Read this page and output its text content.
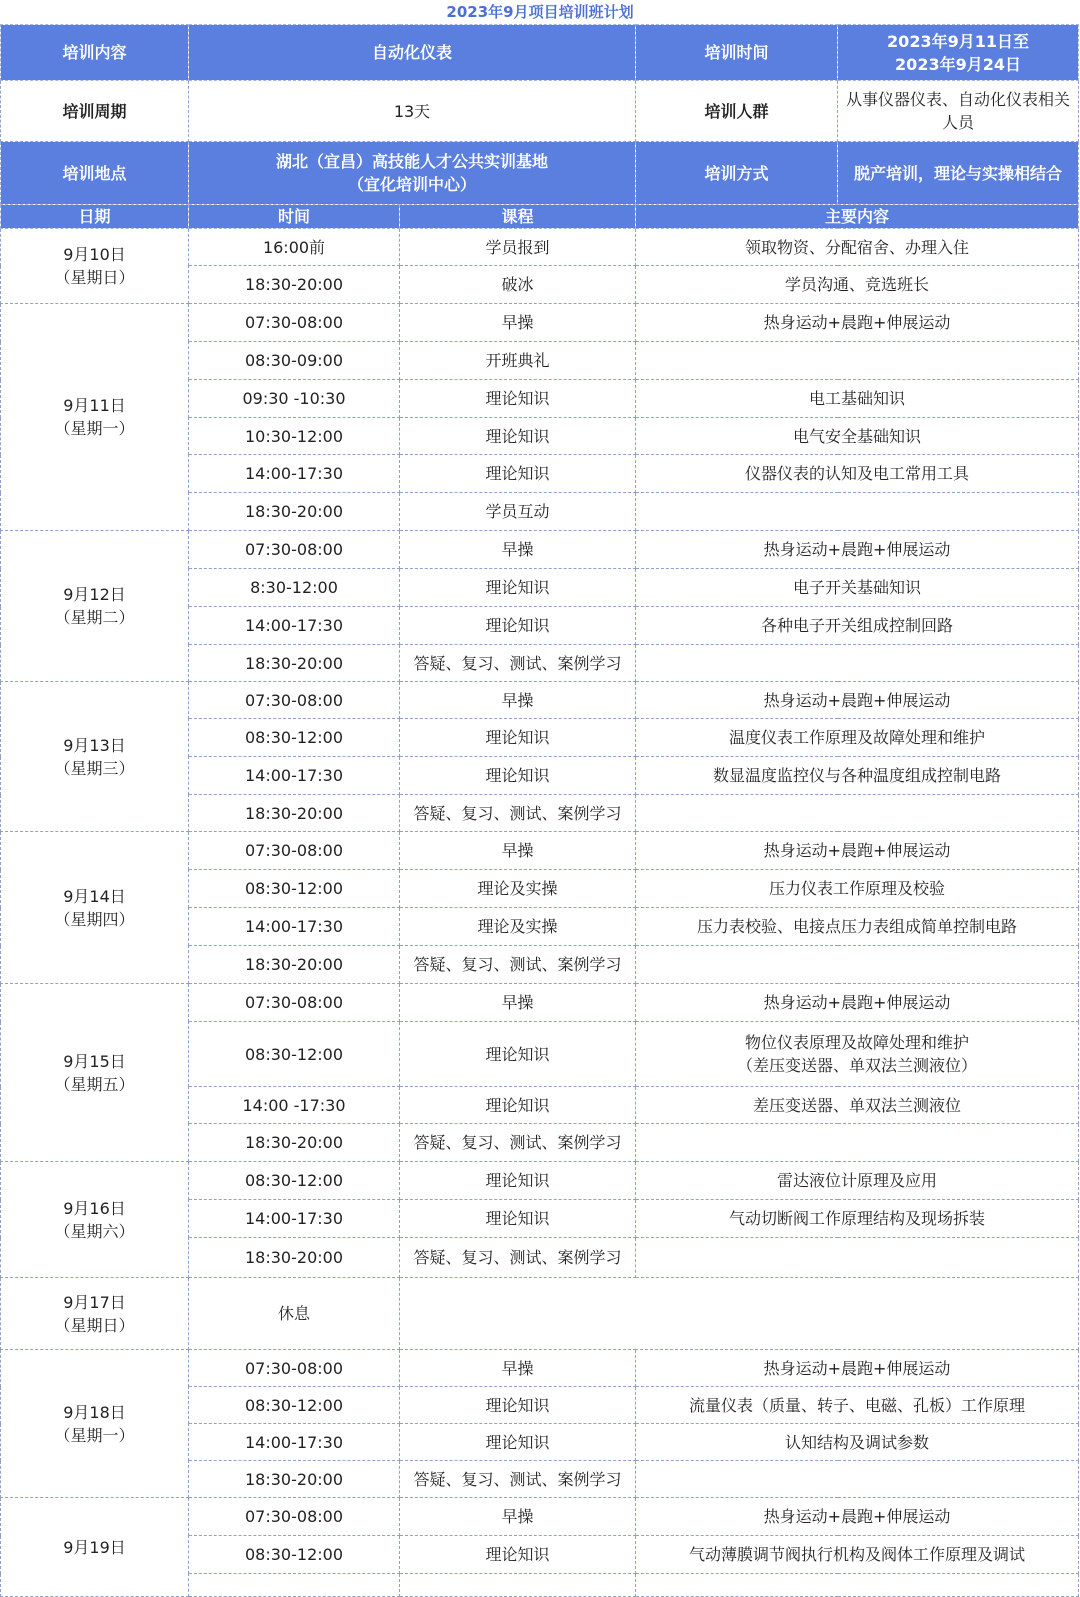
2023年9月项目培训班计划
培训内容	自动化仪表		培训时间	2023年9月11日至
2023年9月24日
培训周期	13天		培训人群	从事仪器仪表、自动化仪表相关人员
培训地点	湖北（宜昌）高技能人才公共实训基地
（宜化培训中心）		培训方式	脱产培训，理论与实操相结合
日期	时间	课程	主要内容	
9月10日
（星期日）	16:00前	学员报到	领取物资、分配宿舍、办理入住	
	18:30-20:00	破冰	学员沟通、竞选班长	
9月11日
（星期一）	07:30-08:00	早操	热身运动+晨跑+伸展运动	
	08:30-09:00	开班典礼		
	09:30 -10:30	理论知识	电工基础知识	
	10:30-12:00	理论知识	电气安全基础知识	
	14:00-17:30	理论知识	仪器仪表的认知及电工常用工具	
	18:30-20:00	学员互动		
9月12日
（星期二）	07:30-08:00	早操	热身运动+晨跑+伸展运动	
	8:30-12:00	理论知识	电子开关基础知识	
	14:00-17:30	理论知识	各种电子开关组成控制回路	
	18:30-20:00	答疑、复习、测试、案例学习		
9月13日
（星期三）	07:30-08:00	早操	热身运动+晨跑+伸展运动	
	08:30-12:00	理论知识	温度仪表工作原理及故障处理和维护	
	14:00-17:30	理论知识	数显温度监控仪与各种温度组成控制电路	
	18:30-20:00	答疑、复习、测试、案例学习		
9月14日
（星期四）	07:30-08:00	早操	热身运动+晨跑+伸展运动	
	08:30-12:00	理论及实操	压力仪表工作原理及校验	
	14:00-17:30	理论及实操	压力表校验、电接点压力表组成简单控制电路	
	18:30-20:00	答疑、复习、测试、案例学习		
9月15日
（星期五）	07:30-08:00	早操	热身运动+晨跑+伸展运动	
	08:30-12:00	理论知识	物位仪表原理及故障处理和维护
（差压变送器、单双法兰测液位）	
	14:00 -17:30	理论知识	差压变送器、单双法兰测液位	
	18:30-20:00	答疑、复习、测试、案例学习		
9月16日
（星期六）	08:30-12:00	理论知识	雷达液位计原理及应用	
	14:00-17:30	理论知识	气动切断阀工作原理结构及现场拆装	
	18:30-20:00	答疑、复习、测试、案例学习		
9月17日
（星期日）	休息			
9月18日
（星期一）	07:30-08:00	早操	热身运动+晨跑+伸展运动	
	08:30-12:00	理论知识	流量仪表（质量、转子、电磁、孔板）工作原理	
	14:00-17:30	理论知识	认知结构及调试参数	
	18:30-20:00	答疑、复习、测试、案例学习		
9月19日	07:30-08:00	早操	热身运动+晨跑+伸展运动	
	08:30-12:00	理论知识	气动薄膜调节阀执行机构及阀体工作原理及调试	
